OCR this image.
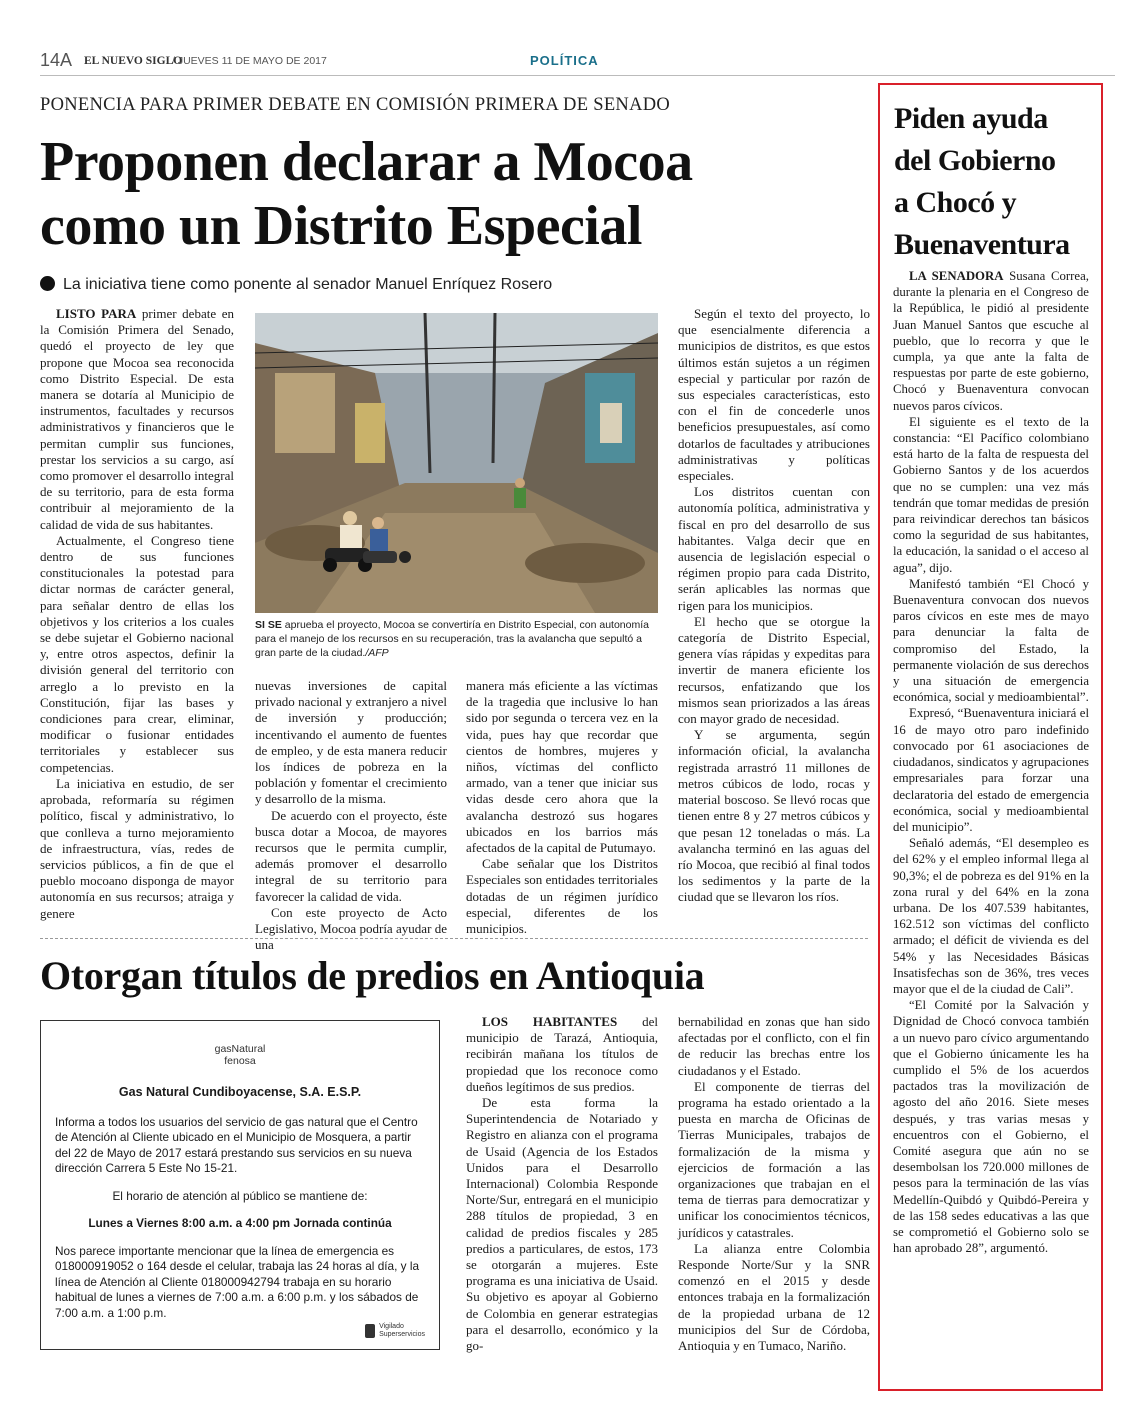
14A EL NUEVO SIGLO
/ JUEVES 11 DE MAYO DE 2017	POLÍTICA
PONENCIA PARA PRIMER DEBATE EN COMISIÓN PRIMERA DE SENADO
Proponen declarar a Mocoa
como un Distrito Especial
La iniciativa tiene como ponente al senador Manuel Enríquez Rosero

LISTO PARA primer debate en la Comisión Primera del Senado, quedó el proyecto de ley que propone que Mocoa sea reconocida como Distrito Especial. De esta manera se dotaría al Municipio de instrumentos, facultades y recursos administrativos y financieros que le permitan cumplir sus funciones, prestar los servicios a su cargo, así como promover el desarrollo integral de su territorio, para de esta forma contribuir al mejoramiento de la calidad de vida de sus habitantes.

Actualmente, el Congreso tiene dentro de sus funciones constitucionales la potestad para dictar normas de carácter general, para señalar dentro de ellas los objetivos y los criterios a los cuales se debe sujetar el Gobierno nacional y, entre otros aspectos, definir la división general del territorio con arreglo a lo previsto en la Constitución, fijar las bases y condiciones para crear, eliminar, modificar o fusionar entidades territoriales y establecer sus competencias.

La iniciativa en estudio, de ser aprobada, reformaría su régimen político, fiscal y administrativo, lo que conlleva a turno mejoramiento de infraestructura, vías, redes de servicios públicos, a fin de que el pueblo mocoano disponga de mayor autonomía en sus recursos; atraiga y genere

SI SE aprueba el proyecto, Mocoa se convertiría en Distrito Especial, con autonomía para el manejo de los recursos en su recuperación, tras la avalancha que sepultó a gran parte de la ciudad./AFP

nuevas inversiones de capital privado nacional y extranjero a nivel de inversión y producción; incentivando el aumento de fuentes de empleo, y de esta manera reducir los índices de pobreza en la población y fomentar el crecimiento y desarrollo de la misma.

De acuerdo con el proyecto, éste busca dotar a Mocoa, de mayores recursos que le permita cumplir, además promover el desarrollo integral de su territorio para favorecer la calidad de vida.

Con este proyecto de Acto Legislativo, Mocoa podría ayudar de una

manera más eficiente a las víctimas de la tragedia que inclusive lo han sido por segunda o tercera vez en la vida, pues hay que recordar que cientos de hombres, mujeres y niños, víctimas del conflicto armado, van a tener que iniciar sus vidas desde cero ahora que la avalancha destrozó sus hogares ubicados en los barrios más afectados de la capital de Putumayo.

Cabe señalar que los Distritos Especiales son entidades territoriales dotadas de un régimen jurídico especial, diferentes de los municipios.

Según el texto del proyecto, lo que esencialmente diferencia a municipios de distritos, es que estos últimos están sujetos a un régimen especial y particular por razón de sus especiales características, esto con el fin de concederle unos beneficios presupuestales, así como dotarlos de facultades y atribuciones administrativas y políticas especiales.

Los distritos cuentan con autonomía política, administrativa y fiscal en pro del desarrollo de sus habitantes. Valga decir que en ausencia de legislación especial o régimen propio para cada Distrito, serán aplicables las normas que rigen para los municipios.

El hecho que se otorgue la categoría de Distrito Especial, genera vías rápidas y expeditas para invertir de manera eficiente los recursos, enfatizando que los mismos sean priorizados a las áreas con mayor grado de necesidad.

Y se argumenta, según información oficial, la avalancha registrada arrastró 11 millones de metros cúbicos de lodo, rocas y material boscoso. Se llevó rocas que tienen entre 8 y 27 metros cúbicos y que pesan 12 toneladas o más. La avalancha terminó en las aguas del río Mocoa, que recibió al final todos los sedimentos y la parte de la ciudad que se llevaron los ríos.

Otorgan títulos de predios en Antioquia
gasNatural
fenosa
Gas Natural Cundiboyacense, S.A. E.S.P.
Informa a todos los usuarios del servicio de gas natural que el Centro de Atención al Cliente ubicado en el Municipio de Mosquera, a partir del 22 de Mayo de 2017 estará prestando sus servicios en su nueva dirección Carrera 5 Este No 15-21.
El horario de atención al público se mantiene de:
Lunes a Viernes 8:00 a.m. a 4:00 pm Jornada continúa
Nos parece importante mencionar que la línea de emergencia es 018000919052 o 164 desde el celular, trabaja las 24 horas al día, y la línea de Atención al Cliente 018000942794 trabaja en su horario habitual de lunes a viernes de 7:00 a.m. a 6:00 p.m. y los sábados de 7:00 a.m. a 1:00 p.m.
Vigilado
Superservicios

LOS HABITANTES del municipio de Tarazá, Antioquia, recibirán mañana los títulos de propiedad que los reconoce como dueños legítimos de sus predios.

De esta forma la Superintendencia de Notariado y Registro en alianza con el programa de Usaid (Agencia de los Estados Unidos para el Desarrollo Internacional) Colombia Responde Norte/Sur, entregará en el municipio 288 títulos de propiedad, 3 en calidad de predios fiscales y 285 predios a particulares, de estos, 173 se otorgarán a mujeres. Este programa es una iniciativa de Usaid. Su objetivo es apoyar al Gobierno de Colombia en generar estrategias para el desarrollo, económico y la go-

bernabilidad en zonas que han sido afectadas por el conflicto, con el fin de reducir las brechas entre los ciudadanos y el Estado.

El componente de tierras del programa ha estado orientado a la puesta en marcha de Oficinas de Tierras Municipales, trabajos de formalización de la misma y ejercicios de formación a las organizaciones que trabajan en el tema de tierras para democratizar y unificar los conocimientos técnicos, jurídicos y catastrales.

La alianza entre Colombia Responde Norte/Sur y la SNR comenzó en el 2015 y desde entonces trabaja en la formalización de la propiedad urbana de 12 municipios del Sur de Córdoba, Antioquia y en Tumaco, Nariño.

Piden ayuda
del Gobierno
a Chocó y
Buenaventura

LA SENADORA Susana Correa, durante la plenaria en el Congreso de la República, le pidió al presidente Juan Manuel Santos que escuche al pueblo, que lo recorra y que le cumpla, ya que ante la falta de respuestas por parte de este gobierno, Chocó y Buenaventura convocan nuevos paros cívicos.

El siguiente es el texto de la constancia: “El Pacífico colombiano está harto de la falta de respuesta del Gobierno Santos y de los acuerdos que no se cumplen: una vez más tendrán que tomar medidas de presión para reivindicar derechos tan básicos como la seguridad de sus habitantes, la educación, la sanidad o el acceso al agua”, dijo.

Manifestó también “El Chocó y Buenaventura convocan dos nuevos paros cívicos en este mes de mayo para denunciar la falta de compromiso del Estado, la permanente violación de sus derechos y una situación de emergencia económica, social y medioambiental”.

Expresó, “Buenaventura iniciará el 16 de mayo otro paro indefinido convocado por 61 asociaciones de ciudadanos, sindicatos y agrupaciones empresariales para forzar una declaratoria del estado de emergencia económica, social y medioambiental del municipio”.

Señaló además, “El desempleo es del 62% y el empleo informal llega al 90,3%; el de pobreza es del 91% en la zona rural y del 64% en la zona urbana. De los 407.539 habitantes, 162.512 son víctimas del conflicto armado; el déficit de vivienda es del 54% y las Necesidades Básicas Insatisfechas son de 36%, tres veces mayor que el de la ciudad de Cali”.

“El Comité por la Salvación y Dignidad de Chocó convoca también a un nuevo paro cívico argumentando que el Gobierno únicamente les ha cumplido el 5% de los acuerdos pactados tras la movilización de agosto del año 2016. Siete meses después, y tras varias mesas y encuentros con el Gobierno, el Comité asegura que aún no se desembolsan los 720.000 millones de pesos para la terminación de las vías Medellín-Quibdó y Quibdó-Pereira y de las 158 sedes educativas a las que se comprometió el Gobierno solo se han aprobado 28”, argumentó.
